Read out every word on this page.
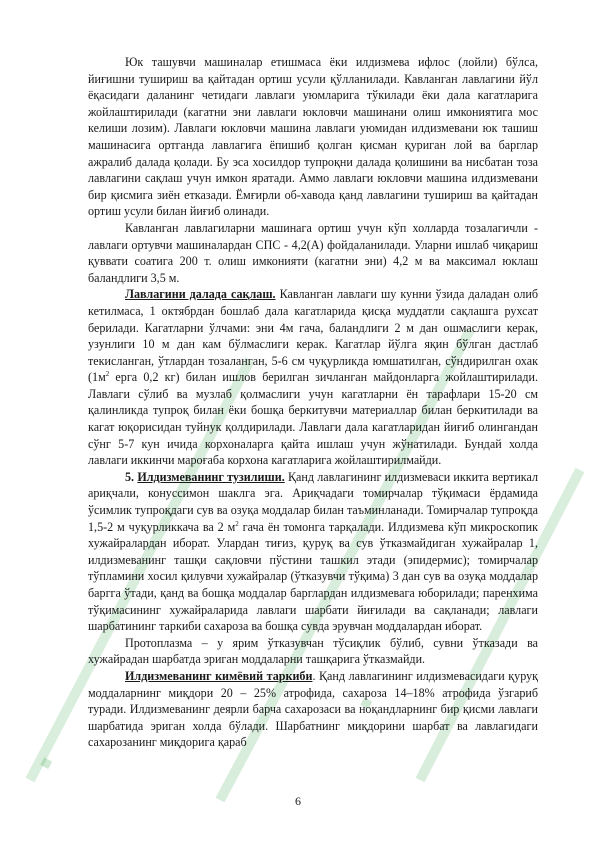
·
·

Юк ташувчи машиналар етишмаса ёки илдизмева ифлос (лойли) бўлса, йиғишни тушириш ва қайтадан ортиш усули қўлланилади. Кавланган лавлагини йўл ёқасидаги даланинг четидаги лавлаги уюмларига тўкилади ёки дала кагатларига жойлаштирилади (кагатни эни лавлаги юкловчи машинани олиш имкониятига мос келиши лозим). Лавлаги юкловчи машина лавлаги уюмидан илдизмевани юк ташиш машинасига ортганда лавлагига ёпишиб қолган қисман қуриган лой ва барглар ажралиб далада қолади. Бу эса хосилдор тупроқни далада қолишини ва нисбатан тоза лавлагини сақлаш учун имкон яратади. Аммо лавлаги юкловчи машина илдизмевани бир қисмига зиён етказади. Ёмғирли об-хавода қанд лавлагини тушириш ва қайтадан ортиш усули билан йиғиб олинади.

Кавланган лавлагиларни машинага ортиш учун кўп холларда тозалагичли - лавлаги ортувчи машиналардан СПС - 4,2(А) фойдаланилади. Уларни ишлаб чиқариш қуввати соатига 200 т. олиш имконияти (кагатни эни) 4,2 м ва максимал юклаш баландлиги 3,5 м.

Лавлагини далада сақлаш. Кавланган лавлаги шу кунни ўзида даладан олиб кетилмаса, 1 октябрдан бошлаб дала кагатларида қисқа муддатли сақлашга рухсат берилади. Кагатларни ўлчами: эни 4м гача, баландлиги 2 м дан ошмаслиги керак, узунлиги 10 м дан кам бўлмаслиги керак. Кагатлар йўлга яқин бўлган дастлаб текисланган, ўтлардан тозаланган, 5-6 см чуқурликда юмшатилган, сўндирилган охак ($1м^2$ ерга 0,2 кг) билан ишлов берилган зичланган майдонларга жойлаштирилади. Лавлаги сўлиб ва музлаб қолмаслиги учун кагатларни ён тарафлари 15-20 см қалинликда тупроқ билан ёки бошқа беркитувчи материаллар билан беркитилади ва кагат юқорисидан туйнук қолдирилади. Лавлаги дала кагатларидан йиғиб олингандан сўнг 5-7 кун ичида корхоналарга қайта ишлаш учун жўнатилади. Бундай холда лавлаги иккинчи мароғаба корхона кагатларига жойлаштирилмайди.

5. Илдизмеванинг тузилиши. Қанд лавлагининг илдизмеваси иккита вертикал ариқчали, конуссимон шаклга эга. Ариқчадаги томирчалар тўқимаси ёрдамида ўсимлик тупроқдаги сув ва озуқа моддалар билан таъминланади. Томирчалар тупроқда 1,5-2 м чуқурликкача ва 2 $м^2$ гача ён томонга тарқалади. Илдизмева кўп микроскопик хужайралардан иборат. Улардан тиғиз, қуруқ ва сув ўтказмайдиган хужайралар 1, илдизмеванинг ташқи сақловчи пўстини ташкил этади (эпидермис); томирчалар тўпламини хосил қилувчи хужайралар (ўтказувчи тўқима) 3 дан сув ва озуқа моддалар баргга ўтади, қанд ва бошқа моддалар барглардан илдизмевага юборилади; паренхима тўқимасининг хужайраларида лавлаги шарбати йиғилади ва сақланади; лавлаги шарбатининг таркиби сахароза ва бошқа сувда эрувчан моддалардан иборат.

Протоплазма – у ярим ўтказувчан тўсиқлик бўлиб, сувни ўтказади ва хужайрадан шарбатда эриган моддаларни ташқарига ўтказмайди.

Илдизмеванинг кимёвий таркиби. Қанд лавлагининг илдизмевасидаги қуруқ моддаларнинг миқдори 20 – 25% атрофида, сахароза 14–18% атрофида ўзгариб туради. Илдизмеванинг деярли барча сахарозаси ва ноқандларнинг бир қисми лавлаги шарбатида эриган холда бўлади. Шарбатнинг миқдорини шарбат ва лавлагидаги сахарозанинг миқдорига қараб

6
